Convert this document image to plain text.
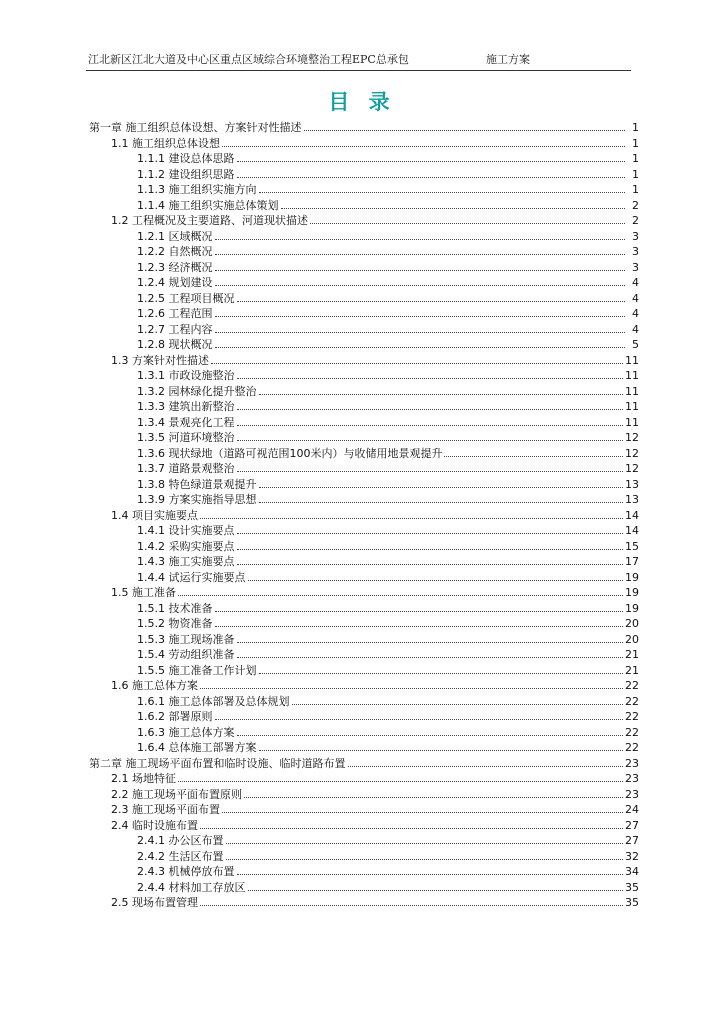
江北新区江北大道及中心区重点区域综合环境整治工程EPC总承包	施工方案
目 录
第一章 施工组织总体设想、方案针对性描述	1
1.1 施工组织总体设想	1
1.1.1 建设总体思路	1
1.1.2 建设组织思路	1
1.1.3 施工组织实施方向	1
1.1.4 施工组织实施总体策划	2
1.2 工程概况及主要道路、河道现状描述	2
1.2.1 区域概况	3
1.2.2 自然概况	3
1.2.3 经济概况	3
1.2.4 规划建设	4
1.2.5 工程项目概况	4
1.2.6 工程范围	4
1.2.7 工程内容	4
1.2.8 现状概况	5
1.3 方案针对性描述	11
1.3.1 市政设施整治	11
1.3.2 园林绿化提升整治	11
1.3.3 建筑出新整治	11
1.3.4 景观亮化工程	11
1.3.5 河道环境整治	12
1.3.6 现状绿地（道路可视范围100米内）与收储用地景观提升	12
1.3.7 道路景观整治	12
1.3.8 特色绿道景观提升	13
1.3.9 方案实施指导思想	13
1.4 项目实施要点	14
1.4.1 设计实施要点	14
1.4.2 采购实施要点	15
1.4.3 施工实施要点	17
1.4.4 试运行实施要点	19
1.5 施工准备	19
1.5.1 技术准备	19
1.5.2 物资准备	20
1.5.3 施工现场准备	20
1.5.4 劳动组织准备	21
1.5.5 施工准备工作计划	21
1.6 施工总体方案	22
1.6.1 施工总体部署及总体规划	22
1.6.2 部署原则	22
1.6.3 施工总体方案	22
1.6.4 总体施工部署方案	22
第二章 施工现场平面布置和临时设施、临时道路布置	23
2.1 场地特征	23
2.2 施工现场平面布置原则	23
2.3 施工现场平面布置	24
2.4 临时设施布置	27
2.4.1 办公区布置	27
2.4.2 生活区布置	32
2.4.3 机械停放布置	34
2.4.4 材料加工存放区	35
2.5 现场布置管理	35
